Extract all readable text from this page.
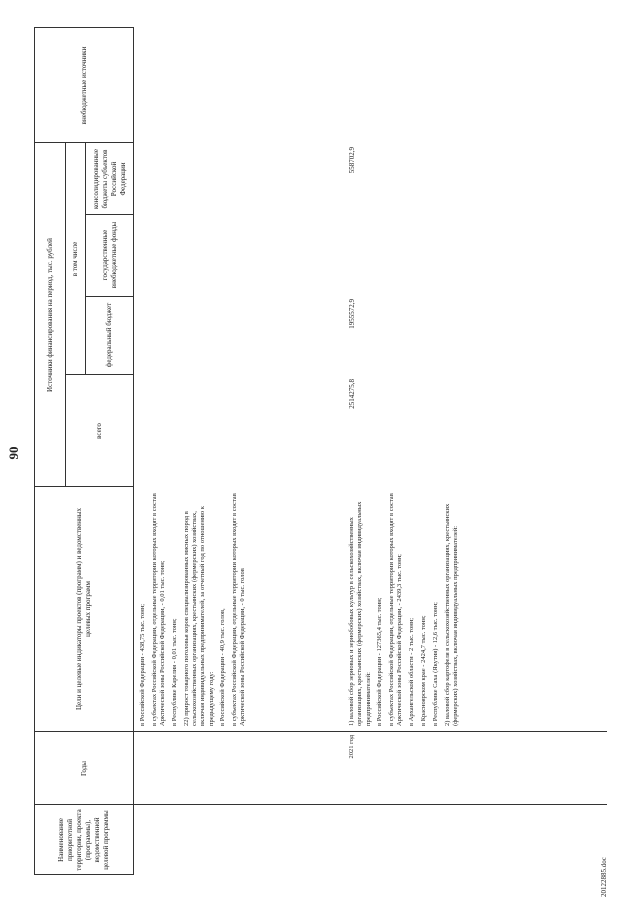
90
Наименование приоритетной территории, проекта (программы), ведомственной целевой программы
Годы
Цели и целевые индикаторы проектов (программ) и ведомственных целевых программ
Источники финансирования на период, тыс. рублей
всего
в том числе
федеральный бюджет
государственные внебюджетные фонды
консолидированные бюджеты субъектов Российской Федерации
внебюджетные источники

в Российской Федерации - 438,75 тыс. тонн; в субъектах Российской Федерации, отдельные территории которых входят в состав Арктической зоны Российской Федерации, - 0,01 тыс. тонн; в Республике Карелия - 0,01 тыс. тонн; 22) прирост товарного поголовья коров специализированных мясных пород в сельскохозяйственных организациях, крестьянских (фермерских) хозяйствах, включая индивидуальных предпринимателей, за отчетный год по отношению к предыдущему году: в Российской Федерации - 40,9 тыс. голов, в субъектах Российской Федерации, отдельные территории которых входят в состав Арктической зоны Российской Федерации, - 0 тыс. голов

2021 год

1) валовой сбор зерновых и зернобобовых культур в сельскохозяйственных организациях, крестьянских (фермерских) хозяйствах, включая индивидуальных предпринимателей: в Российской Федерации - 127365,4 тыс. тонн; в субъектах Российской Федерации, отдельные территории которых входят в состав Арктической зоны Российской Федерации, - 2439,3 тыс. тонн; в Архангельской области - 2 тыс. тонн; в Красноярском крае - 2424,7 тыс. тонн; в Республике Саха (Якутия) - 12,6 тыс. тонн; 2) валовой сбор картофеля в сельскохозяйственных организациях, крестьянских (фермерских) хозяйствах, включая индивидуальных предпринимателей:

2514275,8
1955572,9
558702,9
20122885.doc
